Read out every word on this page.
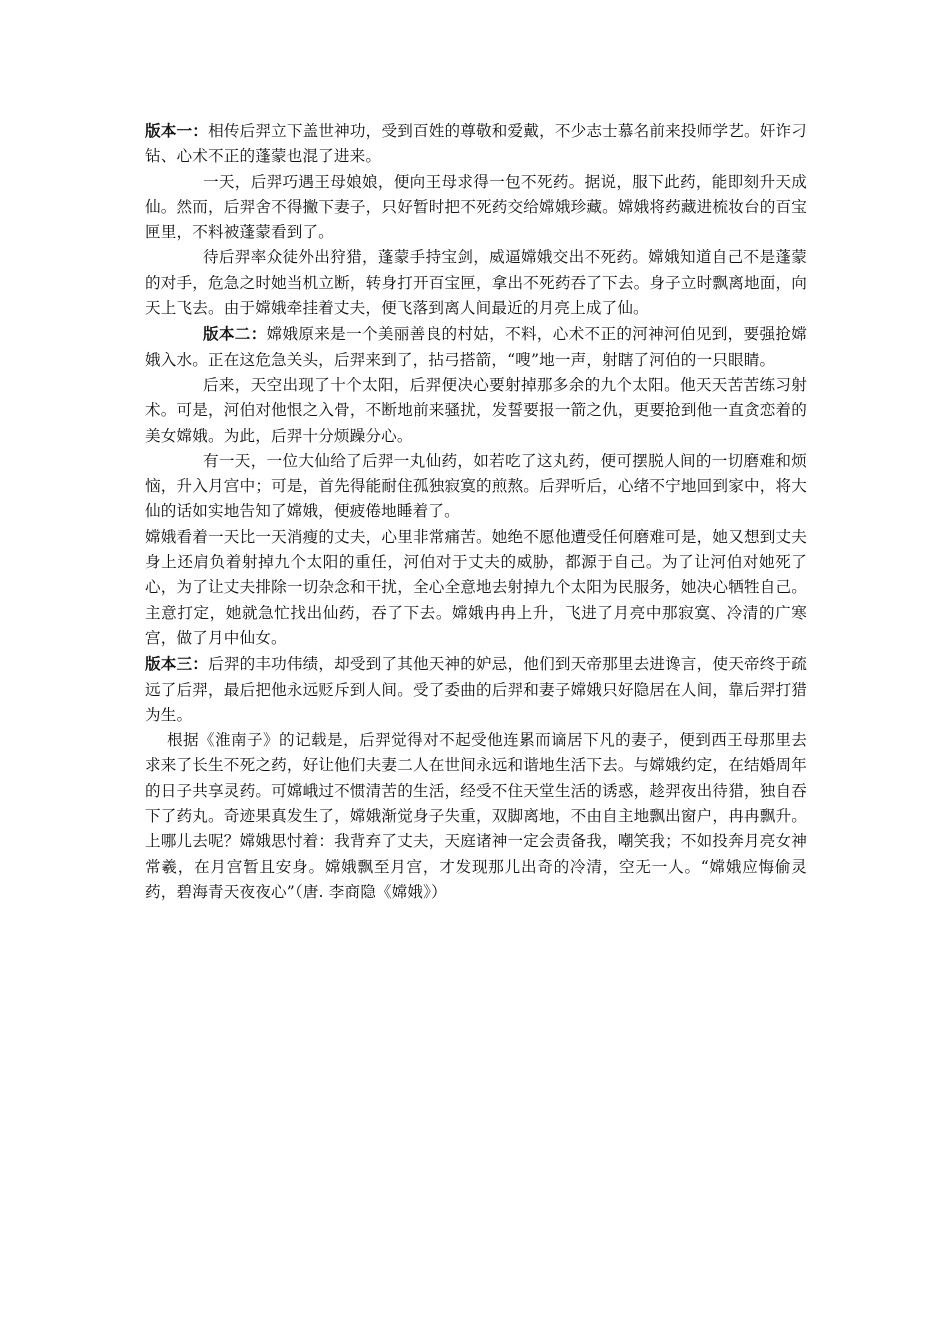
版本一：相传后羿立下盖世神功，受到百姓的尊敬和爱戴，不少志士慕名前来投师学艺。奸诈刁钻、心术不正的蓬蒙也混了进来。

一天，后羿巧遇王母娘娘，便向王母求得一包不死药。据说，服下此药，能即刻升天成仙。然而，后羿舍不得撇下妻子，只好暂时把不死药交给嫦娥珍藏。嫦娥将药藏进梳妆台的百宝匣里，不料被蓬蒙看到了。

待后羿率众徒外出狩猎，蓬蒙手持宝剑，威逼嫦娥交出不死药。嫦娥知道自己不是蓬蒙的对手，危急之时她当机立断，转身打开百宝匣，拿出不死药吞了下去。身子立时飘离地面，向天上飞去。由于嫦娥牵挂着丈夫，便飞落到离人间最近的月亮上成了仙。

版本二：嫦娥原来是一个美丽善良的村姑，不料，心术不正的河神河伯见到，要强抢嫦娥入水。正在这危急关头，后羿来到了，拈弓搭箭，“嗖”地一声，射瞎了河伯的一只眼睛。

后来，天空出现了十个太阳，后羿便决心要射掉那多余的九个太阳。他天天苦苦练习射术。可是，河伯对他恨之入骨，不断地前来骚扰，发誓要报一箭之仇，更要抢到他一直贪恋着的美女嫦娥。为此，后羿十分烦躁分心。

有一天，一位大仙给了后羿一丸仙药，如若吃了这丸药，便可摆脱人间的一切磨难和烦恼，升入月宫中；可是，首先得能耐住孤独寂寞的煎熬。后羿听后，心绪不宁地回到家中，将大仙的话如实地告知了嫦娥，便疲倦地睡着了。

嫦娥看着一天比一天消瘦的丈夫，心里非常痛苦。她绝不愿他遭受任何磨难可是，她又想到丈夫身上还肩负着射掉九个太阳的重任，河伯对于丈夫的威胁，都源于自己。为了让河伯对她死了心，为了让丈夫排除一切杂念和干扰，全心全意地去射掉九个太阳为民服务，她决心牺牲自己。主意打定，她就急忙找出仙药，吞了下去。嫦娥冉冉上升，飞进了月亮中那寂寞、冷清的广寒宫，做了月中仙女。

版本三：后羿的丰功伟绩，却受到了其他天神的妒忌，他们到天帝那里去进谗言，使天帝终于疏远了后羿，最后把他永远贬斥到人间。受了委曲的后羿和妻子嫦娥只好隐居在人间，靠后羿打猎为生。

根据《淮南子》的记载是，后羿觉得对不起受他连累而谪居下凡的妻子，便到西王母那里去求来了长生不死之药，好让他们夫妻二人在世间永远和谐地生活下去。与嫦娥约定，在结婚周年的日子共享灵药。可嫦峨过不惯清苦的生活，经受不住天堂生活的诱惑，趁羿夜出待猎，独自吞下了药丸。奇迹果真发生了，嫦娥渐觉身子失重，双脚离地，不由自主地飘出窗户，冉冉飘升。上哪儿去呢？嫦娥思忖着：我背弃了丈夫，天庭诸神一定会责备我，嘲笑我；不如投奔月亮女神常羲，在月宫暂且安身。嫦娥飘至月宫，才发现那儿出奇的冷清，空无一人。“嫦娥应悔偷灵药，碧海青天夜夜心”（唐. 李商隐《嫦娥》）
